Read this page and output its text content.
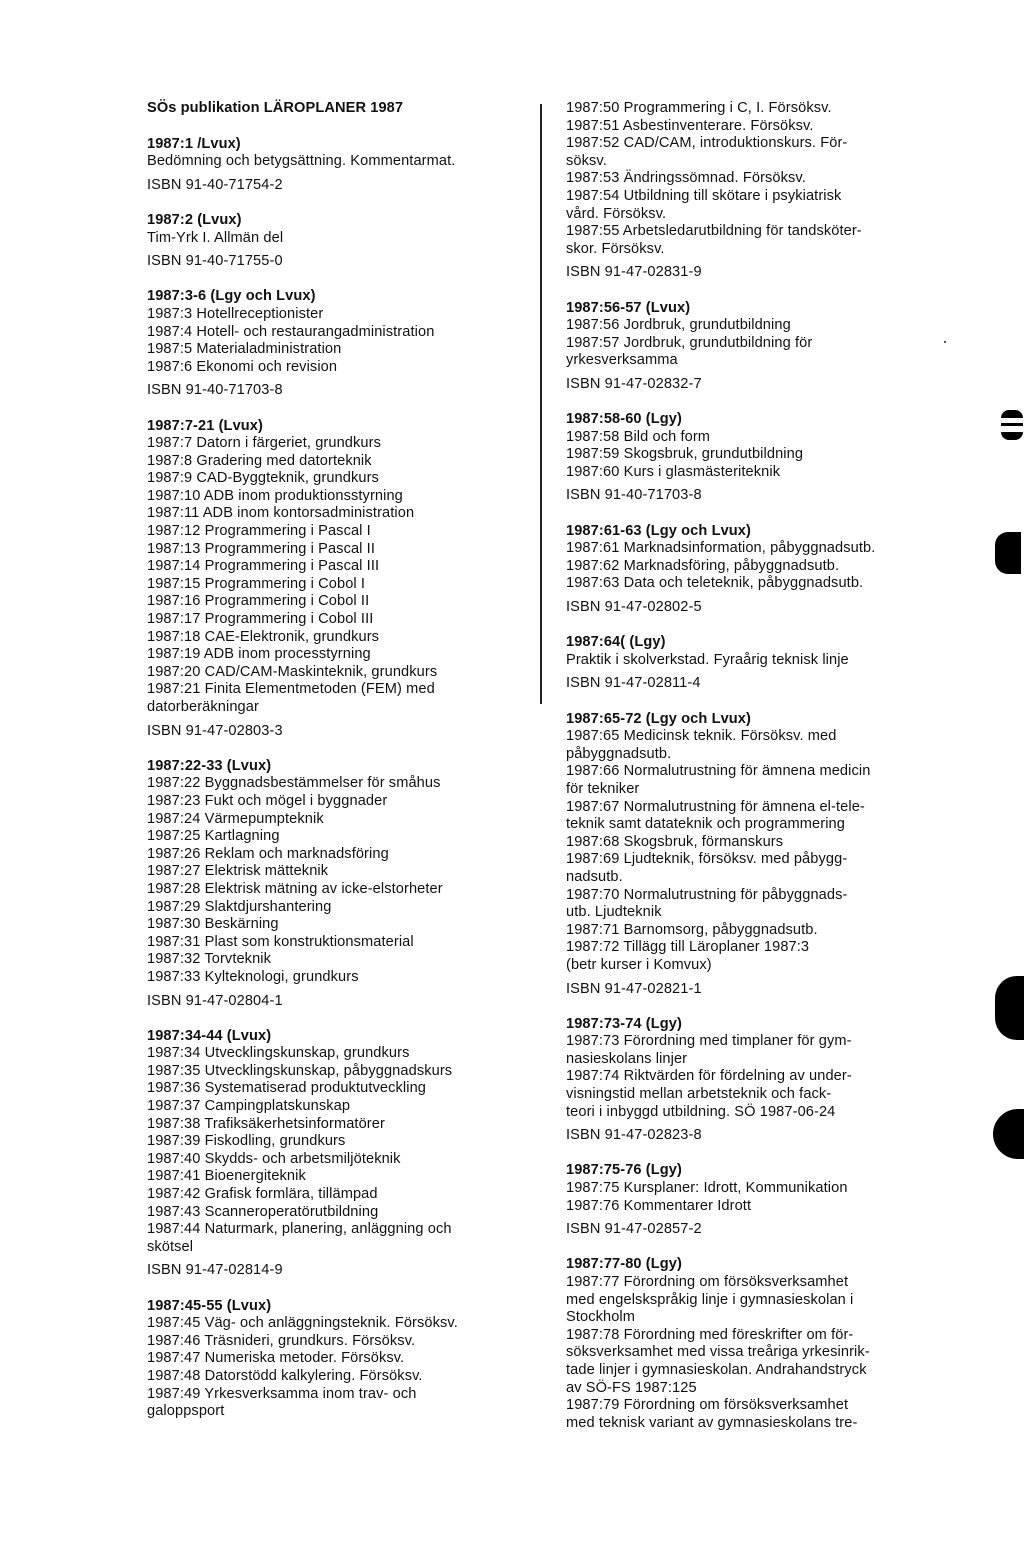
SÖs publikation LÄROPLANER 1987
1987:1 /Lvux)
Bedömning och betygsättning. Kommentarmat.
ISBN 91-40-71754-2
1987:2 (Lvux)
Tim-Yrk I. Allmän del
ISBN 91-40-71755-0
1987:3-6 (Lgy och Lvux)
1987:3 Hotellreceptionister
1987:4 Hotell- och restaurangadministration
1987:5 Materialadministration
1987:6 Ekonomi och revision
ISBN 91-40-71703-8
1987:7-21 (Lvux)
1987:7 Datorn i färgeriet, grundkurs
1987:8 Gradering med datorteknik
1987:9 CAD-Byggteknik, grundkurs
1987:10 ADB inom produktionsstyrning
1987:11 ADB inom kontorsadministration
1987:12 Programmering i Pascal I
1987:13 Programmering i Pascal II
1987:14 Programmering i Pascal III
1987:15 Programmering i Cobol I
1987:16 Programmering i Cobol II
1987:17 Programmering i Cobol III
1987:18 CAE-Elektronik, grundkurs
1987:19 ADB inom processtyrning
1987:20 CAD/CAM-Maskinteknik, grundkurs
1987:21 Finita Elementmetoden (FEM) med
datorberäkningar
ISBN 91-47-02803-3
1987:22-33 (Lvux)
1987:22 Byggnadsbestämmelser för småhus
1987:23 Fukt och mögel i byggnader
1987:24 Värmepumpteknik
1987:25 Kartlagning
1987:26 Reklam och marknadsföring
1987:27 Elektrisk mätteknik
1987:28 Elektrisk mätning av icke-elstorheter
1987:29 Slaktdjurshantering
1987:30 Beskärning
1987:31 Plast som konstruktionsmaterial
1987:32 Torvteknik
1987:33 Kylteknologi, grundkurs
ISBN 91-47-02804-1
1987:34-44 (Lvux)
1987:34 Utvecklingskunskap, grundkurs
1987:35 Utvecklingskunskap, påbyggnadskurs
1987:36 Systematiserad produktutveckling
1987:37 Campingplatskunskap
1987:38 Trafiksäkerhetsinformatörer
1987:39 Fiskodling, grundkurs
1987:40 Skydds- och arbetsmiljöteknik
1987:41 Bioenergiteknik
1987:42 Grafisk formlära, tillämpad
1987:43 Scanneroperatörutbildning
1987:44 Naturmark, planering, anläggning och
skötsel
ISBN 91-47-02814-9
1987:45-55 (Lvux)
1987:45 Väg- och anläggningsteknik. Försöksv.
1987:46 Träsnideri, grundkurs. Försöksv.
1987:47 Numeriska metoder. Försöksv.
1987:48 Datorstödd kalkylering. Försöksv.
1987:49 Yrkesverksamma inom trav- och
galoppsport
1987:50 Programmering i C, I. Försöksv.
1987:51 Asbestinventerare. Försöksv.
1987:52 CAD/CAM, introduktionskurs. För-
söksv.
1987:53 Ändringssömnad. Försöksv.
1987:54 Utbildning till skötare i psykiatrisk
vård. Försöksv.
1987:55 Arbetsledarutbildning för tandsköter-
skor. Försöksv.
ISBN 91-47-02831-9
1987:56-57 (Lvux)
1987:56 Jordbruk, grundutbildning
1987:57 Jordbruk, grundutbildning för
yrkesverksamma
ISBN 91-47-02832-7
1987:58-60 (Lgy)
1987:58 Bild och form
1987:59 Skogsbruk, grundutbildning
1987:60 Kurs i glasmästeriteknik
ISBN 91-40-71703-8
1987:61-63 (Lgy och Lvux)
1987:61 Marknadsinformation, påbyggnadsutb.
1987:62 Marknadsföring, påbyggnadsutb.
1987:63 Data och teleteknik, påbyggnadsutb.
ISBN 91-47-02802-5
1987:64( (Lgy)
Praktik i skolverkstad. Fyraårig teknisk linje
ISBN 91-47-02811-4
1987:65-72 (Lgy och Lvux)
1987:65 Medicinsk teknik. Försöksv. med
påbyggnadsutb.
1987:66 Normalutrustning för ämnena medicin
för tekniker
1987:67 Normalutrustning för ämnena el-tele-
teknik samt datateknik och programmering
1987:68 Skogsbruk, förmanskurs
1987:69 Ljudteknik, försöksv. med påbygg-
nadsutb.
1987:70 Normalutrustning för påbyggnads-
utb. Ljudteknik
1987:71 Barnomsorg, påbyggnadsutb.
1987:72 Tillägg till Läroplaner 1987:3
(betr kurser i Komvux)
ISBN 91-47-02821-1
1987:73-74 (Lgy)
1987:73 Förordning med timplaner för gym-
nasieskolans linjer
1987:74 Riktvärden för fördelning av under-
visningstid mellan arbetsteknik och fack-
teori i inbyggd utbildning. SÖ 1987-06-24
ISBN 91-47-02823-8
1987:75-76 (Lgy)
1987:75 Kursplaner: Idrott, Kommunikation
1987:76 Kommentarer Idrott
ISBN 91-47-02857-2
1987:77-80 (Lgy)
1987:77 Förordning om försöksverksamhet
med engelskspråkig linje i gymnasieskolan i
Stockholm
1987:78 Förordning med föreskrifter om för-
söksverksamhet med vissa treåriga yrkesinrik-
tade linjer i gymnasieskolan. Andrahandstryck
av SÖ-FS 1987:125
1987:79 Förordning om försöksverksamhet
med teknisk variant av gymnasieskolans tre-
